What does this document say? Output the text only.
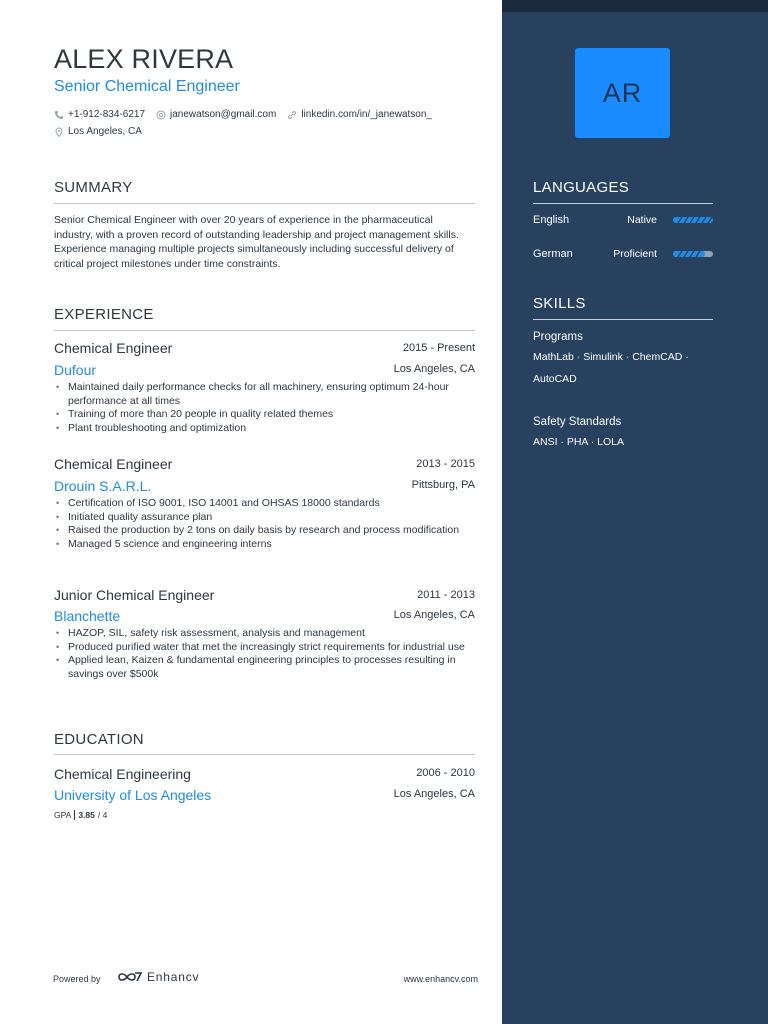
ALEX RIVERA
Senior Chemical Engineer
+1-912-834-6217	janewatson@gmail.com	linkedin.com/in/_janewatson_
Los Angeles, CA
SUMMARY
Senior Chemical Engineer with over 20 years of experience in the pharmaceutical industry, with a proven record of outstanding leadership and project management skills. Experience managing multiple projects simultaneously including successful delivery of critical project milestones under time constraints.
EXPERIENCE
Chemical Engineer	2015 - Present
Dufour	Los Angeles, CA
• Maintained daily performance checks for all machinery, ensuring optimum 24-hour performance at all times
• Training of more than 20 people in quality related themes
• Plant troubleshooting and optimization
Chemical Engineer	2013 - 2015
Drouin S.A.R.L.	Pittsburg, PA
• Certification of ISO 9001, ISO 14001 and OHSAS 18000 standards
• Initiated quality assurance plan
• Raised the production by 2 tons on daily basis by research and process modification
• Managed 5 science and engineering interns
Junior Chemical Engineer	2011 - 2013
Blanchette	Los Angeles, CA
• HAZOP, SIL, safety risk assessment, analysis and management
• Produced purified water that met the increasingly strict requirements for industrial use
• Applied lean, Kaizen & fundamental engineering principles to processes resulting in savings over $500k
EDUCATION
Chemical Engineering	2006 - 2010
University of Los Angeles	Los Angeles, CA
GPA 3.85 / 4
Powered by	Enhancv	www.enhancv.com
AR
LANGUAGES
English	Native
German	Proficient
SKILLS
Programs
MathLab · Simulink · ChemCAD · AutoCAD
Safety Standards
ANSI · PHA · LOLA
